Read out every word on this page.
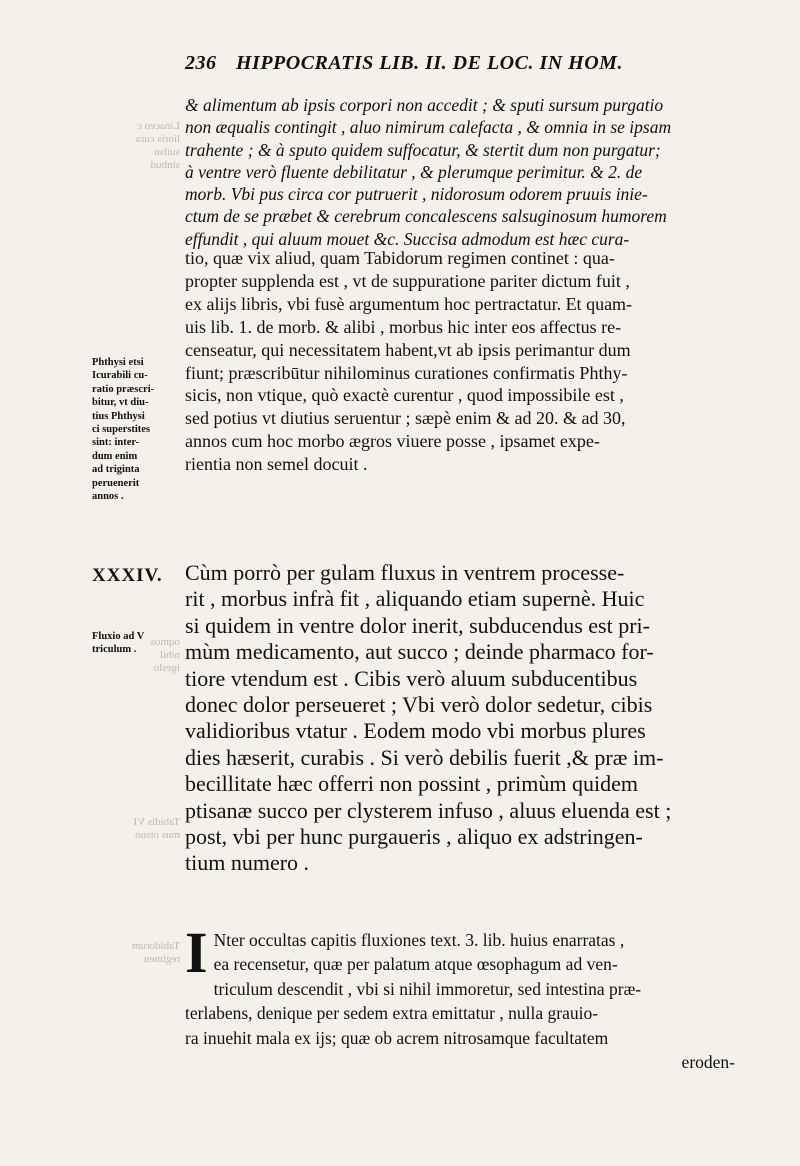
Linaceo c
lioris cura
suilsu
sinbud
oqmos
nihil
igeslo
Tabidis VI
mus otsuo
Tabidorum
regimen
236 HIPPOCRATIS LIB. II. DE LOC. IN HOM.
& alimentum ab ipsis corpori non accedit ; & sputi sursum purgatio
non æqualis contingit , aluo nimirum calefacta , & omnia in se ipsam
trahente ; & à sputo quidem suffocatur, & stertit dum non purgatur;
à ventre verò fluente debilitatur , & plerumque perimitur. & 2. de
morb. Vbi pus circa cor putruerit , nidorosum odorem pruuis inie-
ctum de se præbet & cerebrum concalescens salsuginosum humorem
effundit , qui aluum mouet &c. Succisa admodum est hæc cura-
tio, quæ vix aliud, quam Tabidorum regimen continet : qua-
propter supplenda est , vt de suppuratione pariter dictum fuit ,
ex alijs libris, vbi fusè argumentum hoc pertractatur. Et quam-
uis lib. 1. de morb. & alibi , morbus hic inter eos affectus re-
censeatur, qui necessitatem habent,vt ab ipsis perimantur dum
fiunt; præscribūtur nihilominus curationes confirmatis Phthy-
sicis, non vtique, quò exactè curentur , quod impossibile est ,
sed potius vt diutius seruentur ; sæpè enim & ad 20. & ad 30,
annos cum hoc morbo ægros viuere posse , ipsamet expe-
rientia non semel docuit .
Phthysi etsi
Icurabili cu-
ratio præscri-
bitur, vt diu-
tius Phthysi
ci superstites
sint: inter-
dum enim
ad triginta
peruenerit
annos .
XXXIV.
Fluxio ad V
triculum .
Cùm porrò per gulam fluxus in ventrem processe-
rit , morbus infrà fit , aliquando etiam supernè. Huic
si quidem in ventre dolor inerit, subducendus est pri-
mùm medicamento, aut succo ; deinde pharmaco for-
tiore vtendum est . Cibis verò aluum subducentibus
donec dolor perseueret ; Vbi verò dolor sedetur, cibis
validioribus vtatur . Eodem modo vbi morbus plures
dies hæserit, curabis . Si verò debilis fuerit ,& præ im-
becillitate hæc offerri non possint , primùm quidem
ptisanæ succo per clysterem infuso , aluus eluenda est ;
post, vbi per hunc purgaueris , aliquo ex adstringen-
tium numero .
I Nter occultas capitis fluxiones text. 3. lib. huius enarratas ,
ea recensetur, quæ per palatum atque œsophagum ad ven-
triculum descendit , vbi si nihil immoretur, sed intestina præ-
terlabens, denique per sedem extra emittatur , nulla grauio-
ra inuehit mala ex ijs; quæ ob acrem nitrosamque facultatem
eroden-
